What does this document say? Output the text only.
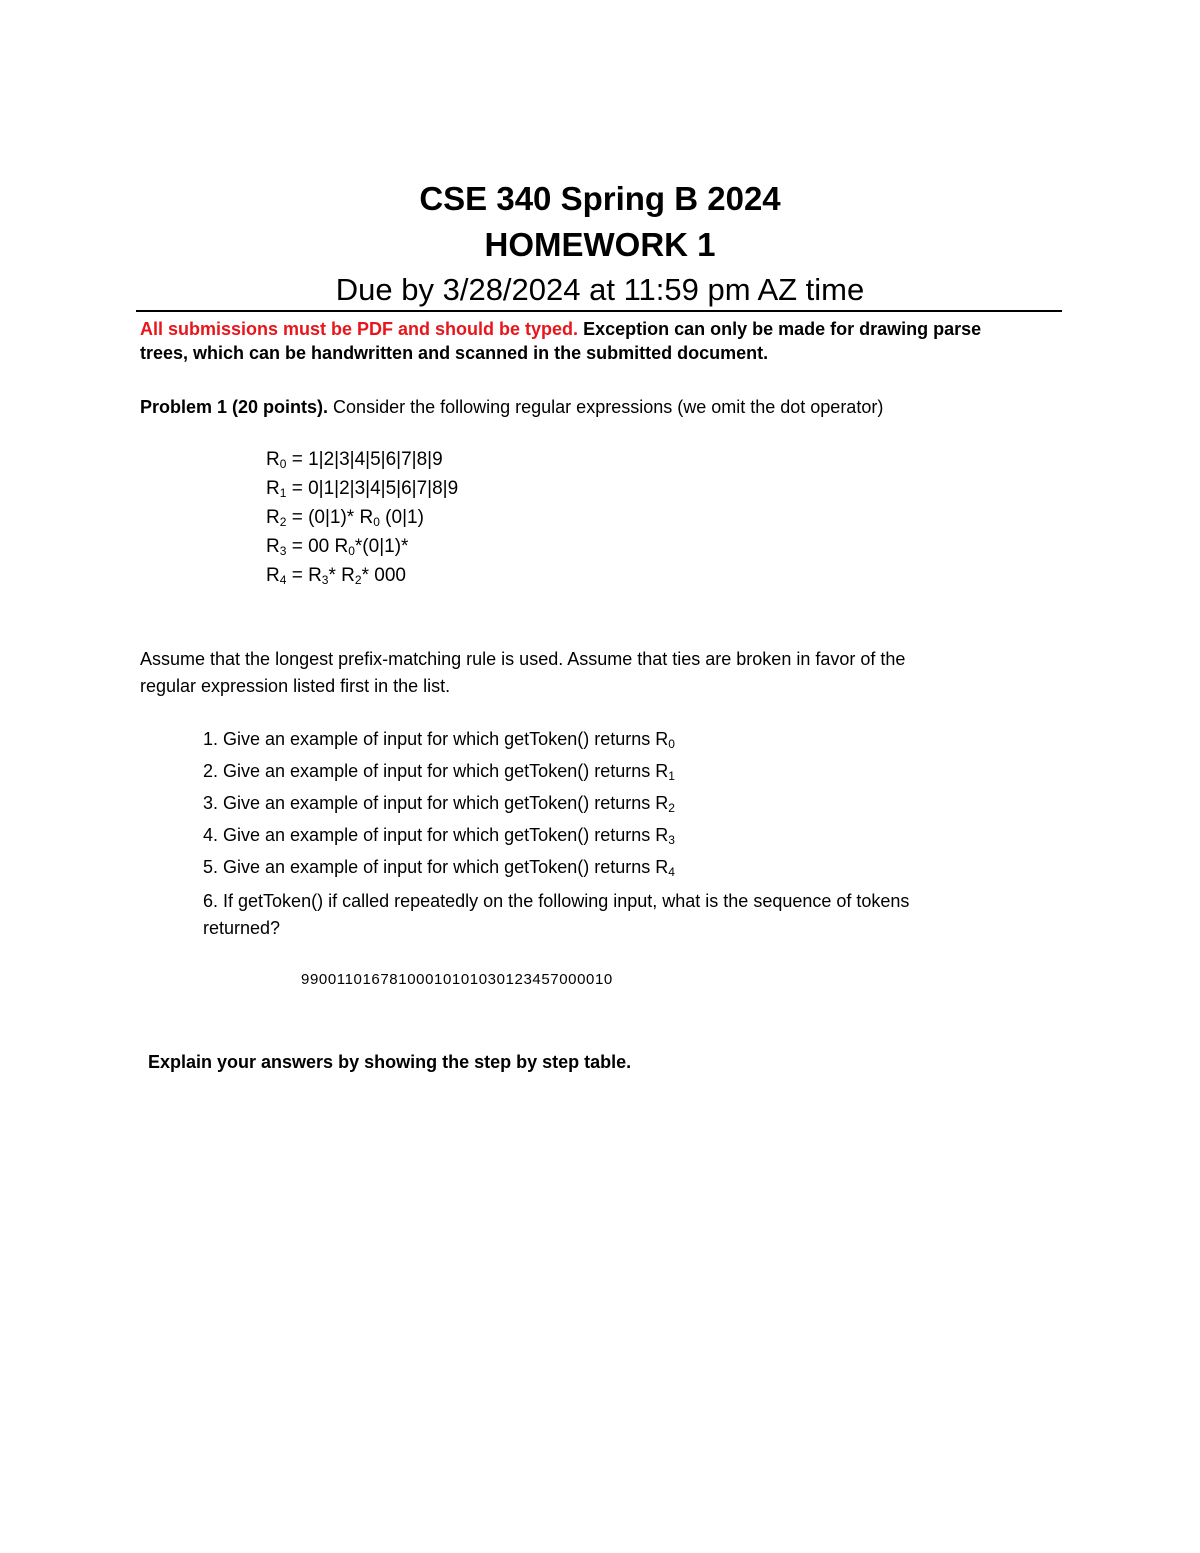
CSE 340 Spring B 2024
HOMEWORK 1
Due by 3/28/2024 at 11:59 pm AZ time
All submissions must be PDF and should be typed. Exception can only be made for drawing parse
trees, which can be handwritten and scanned in the submitted document.
Problem 1 (20 points). Consider the following regular expressions (we omit the dot operator)
$R_0 = 1|2|3|4|5|6|7|8|9$
$R_1 = 0|1|2|3|4|5|6|7|8|9$
$R_2 = (0|1)*$ $R_0$ (0|1)
$R_3 = 00$ $R_0*(0|1)*$
$R_4 = R_3*$ $R_2*$ 000
Assume that the longest prefix-matching rule is used. Assume that ties are broken in favor of the
regular expression listed first in the list.
1. Give an example of input for which getToken() returns $R_0$
2. Give an example of input for which getToken() returns $R_1$
3. Give an example of input for which getToken() returns $R_2$
4. Give an example of input for which getToken() returns $R_3$
5. Give an example of input for which getToken() returns $R_4$
6. If getToken() if called repeatedly on the following input, what is the sequence of tokens
returned?
99001101678100010101030123457000010
Explain your answers by showing the step by step table.
